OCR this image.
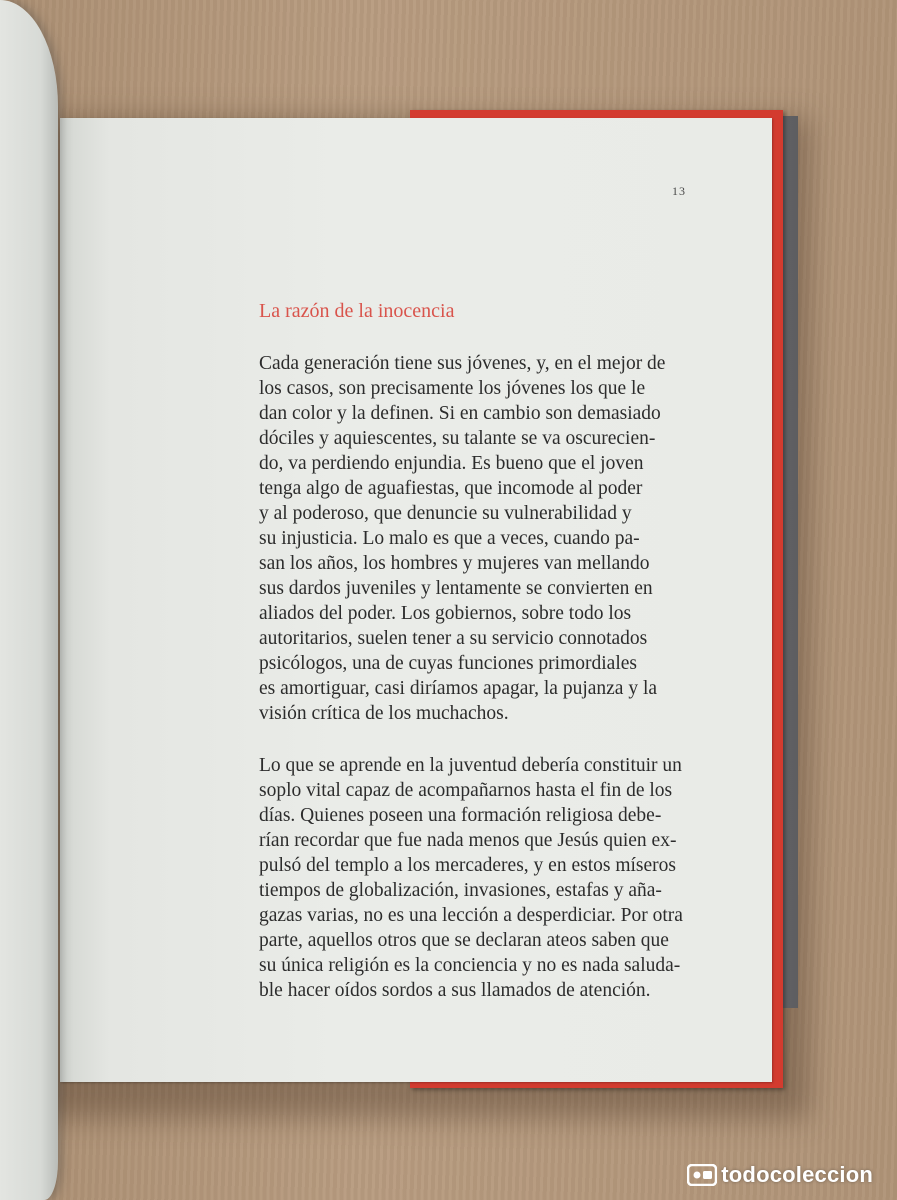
13
La razón de la inocencia

Cada generación tiene sus jóvenes, y, en el mejor de
los casos, son precisamente los jóvenes los que le
dan color y la definen. Si en cambio son demasiado
dóciles y aquiescentes, su talante se va oscurecien-
do, va perdiendo enjundia. Es bueno que el joven
tenga algo de aguafiestas, que incomode al poder
y al poderoso, que denuncie su vulnerabilidad y
su injusticia. Lo malo es que a veces, cuando pa-
san los años, los hombres y mujeres van mellando
sus dardos juveniles y lentamente se convierten en
aliados del poder. Los gobiernos, sobre todo los
autoritarios, suelen tener a su servicio connotados
psicólogos, una de cuyas funciones primordiales
es amortiguar, casi diríamos apagar, la pujanza y la
visión crítica de los muchachos.

Lo que se aprende en la juventud debería constituir un
soplo vital capaz de acompañarnos hasta el fin de los
días. Quienes poseen una formación religiosa debe-
rían recordar que fue nada menos que Jesús quien ex-
pulsó del templo a los mercaderes, y en estos míseros
tiempos de globalización, invasiones, estafas y aña-
gazas varias, no es una lección a desperdiciar. Por otra
parte, aquellos otros que se declaran ateos saben que
su única religión es la conciencia y no es nada saluda-
ble hacer oídos sordos a sus llamados de atención.

todocoleccion
